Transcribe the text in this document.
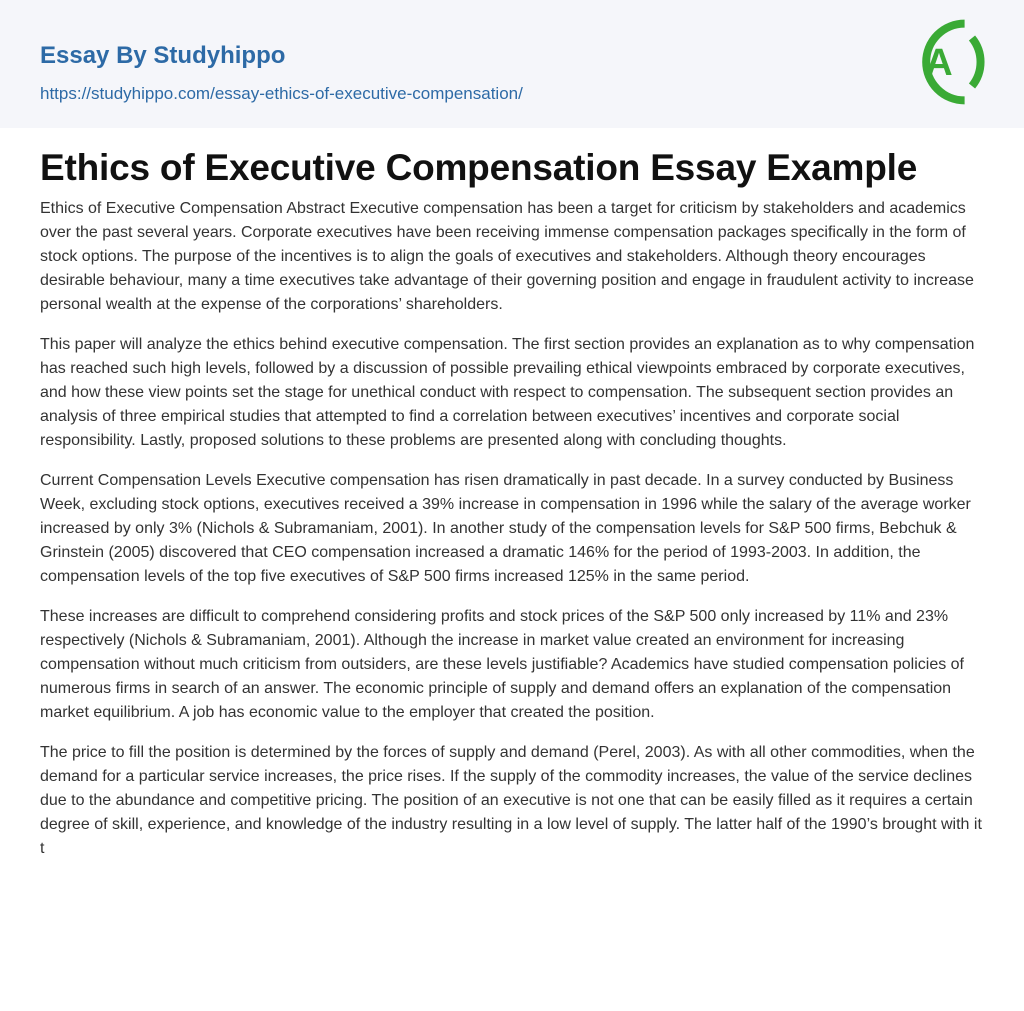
Essay By Studyhippo
https://studyhippo.com/essay-ethics-of-executive-compensation/
A
Ethics of Executive Compensation Essay Example

Ethics of Executive Compensation Abstract Executive compensation has been a target for criticism by stakeholders and academics over the past several years. Corporate executives have been receiving immense compensation packages specifically in the form of stock options. The purpose of the incentives is to align the goals of executives and stakeholders. Although theory encourages desirable behaviour, many a time executives take advantage of their governing position and engage in fraudulent activity to increase personal wealth at the expense of the corporations’ shareholders.

This paper will analyze the ethics behind executive compensation. The first section provides an explanation as to why compensation has reached such high levels, followed by a discussion of possible prevailing ethical viewpoints embraced by corporate executives, and how these view points set the stage for unethical conduct with respect to compensation. The subsequent section provides an analysis of three empirical studies that attempted to find a correlation between executives’ incentives and corporate social responsibility. Lastly, proposed solutions to these problems are presented along with concluding thoughts.

Current Compensation Levels Executive compensation has risen dramatically in past decade. In a survey conducted by Business Week, excluding stock options, executives received a 39% increase in compensation in 1996 while the salary of the average worker increased by only 3% (Nichols & Subramaniam, 2001). In another study of the compensation levels for S&P 500 firms, Bebchuk & Grinstein (2005) discovered that CEO compensation increased a dramatic 146% for the period of 1993-2003. In addition, the compensation levels of the top five executives of S&P 500 firms increased 125% in the same period.

These increases are difficult to comprehend considering profits and stock prices of the S&P 500 only increased by 11% and 23% respectively (Nichols & Subramaniam, 2001). Although the increase in market value created an environment for increasing compensation without much criticism from outsiders, are these levels justifiable? Academics have studied compensation policies of numerous firms in search of an answer. The economic principle of supply and demand offers an explanation of the compensation market equilibrium. A job has economic value to the employer that created the position.

The price to fill the position is determined by the forces of supply and demand (Perel, 2003). As with all other commodities, when the demand for a particular service increases, the price rises. If the supply of the commodity increases, the value of the service declines due to the abundance and competitive pricing. The position of an executive is not one that can be easily filled as it requires a certain degree of skill, experience, and knowledge of the industry resulting in a low level of supply. The latter half of the 1990’s brought with it t
